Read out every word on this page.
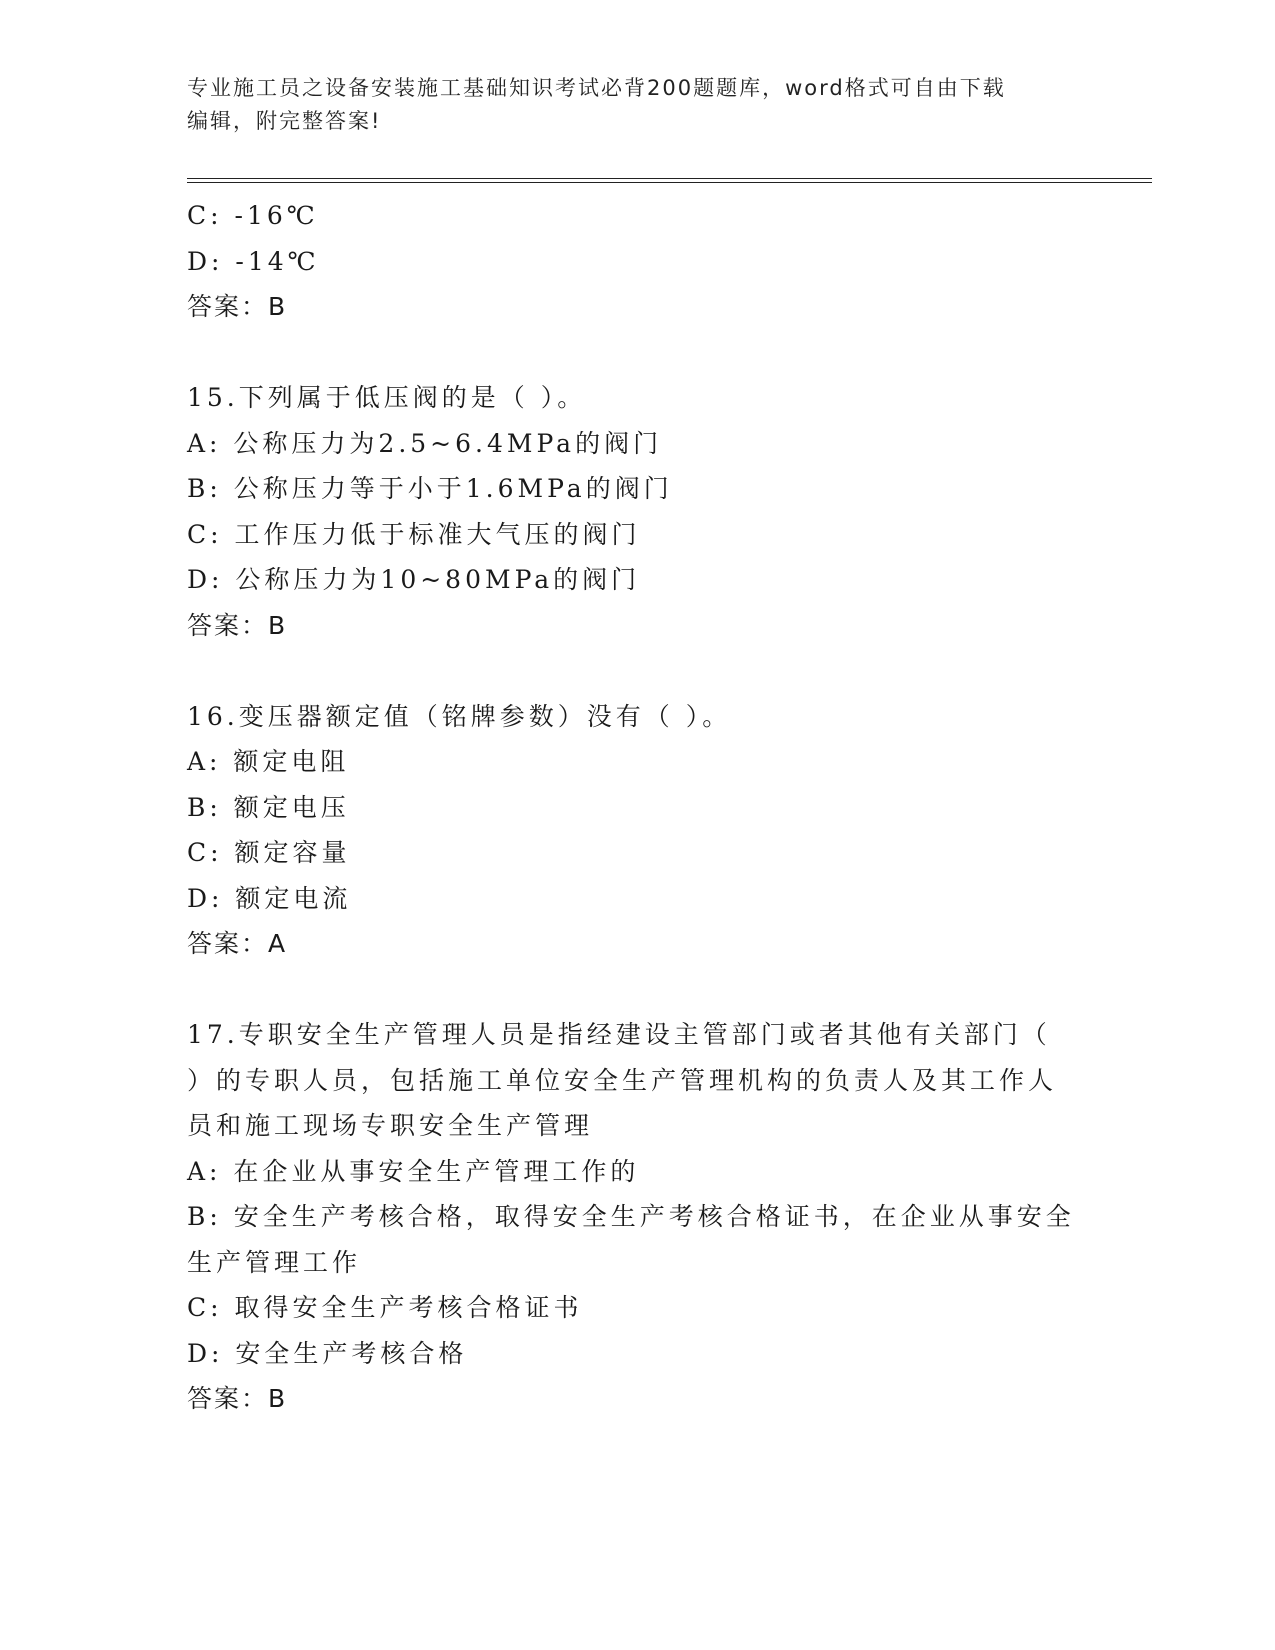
专业施工员之设备安装施工基础知识考试必背200题题库，word格式可自由下载
编辑，附完整答案!
C: -16℃
D: -14℃
答案：B
15.下列属于低压阀的是（ ）。
A: 公称压力为2.5~6.4MPa的阀门
B: 公称压力等于小于1.6MPa的阀门
C: 工作压力低于标准大气压的阀门
D: 公称压力为10~80MPa的阀门
答案：B
16.变压器额定值（铭牌参数）没有（ ）。
A: 额定电阻
B: 额定电压
C: 额定容量
D: 额定电流
答案：A
17.专职安全生产管理人员是指经建设主管部门或者其他有关部门（
）的专职人员，包括施工单位安全生产管理机构的负责人及其工作人
员和施工现场专职安全生产管理
A: 在企业从事安全生产管理工作的
B: 安全生产考核合格，取得安全生产考核合格证书，在企业从事安全
生产管理工作
C: 取得安全生产考核合格证书
D: 安全生产考核合格
答案：B
